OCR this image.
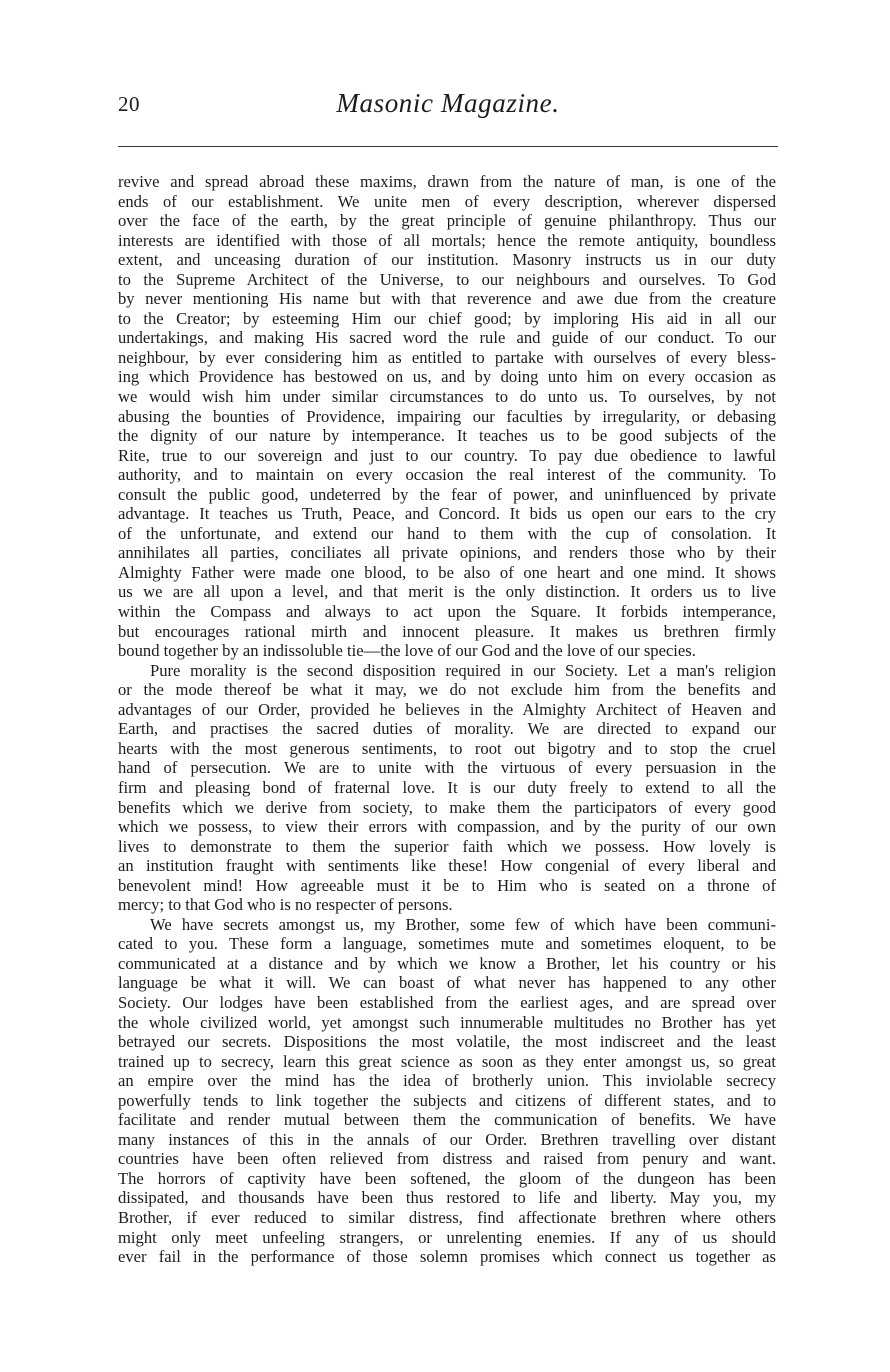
20	Masonic Magazine.
revive and spread abroad these maxims, drawn from the nature of man, is one of the
ends of our establishment. We unite men of every description, wherever dispersed
over the face of the earth, by the great principle of genuine philanthropy. Thus our
interests are identified with those of all mortals; hence the remote antiquity, boundless
extent, and unceasing duration of our institution. Masonry instructs us in our duty
to the Supreme Architect of the Universe, to our neighbours and ourselves. To God
by never mentioning His name but with that reverence and awe due from the creature
to the Creator; by esteeming Him our chief good; by imploring His aid in all our
undertakings, and making His sacred word the rule and guide of our conduct. To our
neighbour, by ever considering him as entitled to partake with ourselves of every bless-
ing which Providence has bestowed on us, and by doing unto him on every occasion as
we would wish him under similar circumstances to do unto us. To ourselves, by not
abusing the bounties of Providence, impairing our faculties by irregularity, or debasing
the dignity of our nature by intemperance. It teaches us to be good subjects of the
Rite, true to our sovereign and just to our country. To pay due obedience to lawful
authority, and to maintain on every occasion the real interest of the community. To
consult the public good, undeterred by the fear of power, and uninfluenced by private
advantage. It teaches us Truth, Peace, and Concord. It bids us open our ears to the cry
of the unfortunate, and extend our hand to them with the cup of consolation. It
annihilates all parties, conciliates all private opinions, and renders those who by their
Almighty Father were made one blood, to be also of one heart and one mind. It shows
us we are all upon a level, and that merit is the only distinction. It orders us to live
within the Compass and always to act upon the Square. It forbids intemperance,
but encourages rational mirth and innocent pleasure. It makes us brethren firmly
bound together by an indissoluble tie—the love of our God and the love of our species.
Pure morality is the second disposition required in our Society. Let a man's religion
or the mode thereof be what it may, we do not exclude him from the benefits and
advantages of our Order, provided he believes in the Almighty Architect of Heaven and
Earth, and practises the sacred duties of morality. We are directed to expand our
hearts with the most generous sentiments, to root out bigotry and to stop the cruel
hand of persecution. We are to unite with the virtuous of every persuasion in the
firm and pleasing bond of fraternal love. It is our duty freely to extend to all the
benefits which we derive from society, to make them the participators of every good
which we possess, to view their errors with compassion, and by the purity of our own
lives to demonstrate to them the superior faith which we possess. How lovely is
an institution fraught with sentiments like these! How congenial of every liberal and
benevolent mind! How agreeable must it be to Him who is seated on a throne of
mercy; to that God who is no respecter of persons.
We have secrets amongst us, my Brother, some few of which have been communi-
cated to you. These form a language, sometimes mute and sometimes eloquent, to be
communicated at a distance and by which we know a Brother, let his country or his
language be what it will. We can boast of what never has happened to any other
Society. Our lodges have been established from the earliest ages, and are spread over
the whole civilized world, yet amongst such innumerable multitudes no Brother has yet
betrayed our secrets. Dispositions the most volatile, the most indiscreet and the least
trained up to secrecy, learn this great science as soon as they enter amongst us, so great
an empire over the mind has the idea of brotherly union. This inviolable secrecy
powerfully tends to link together the subjects and citizens of different states, and to
facilitate and render mutual between them the communication of benefits. We have
many instances of this in the annals of our Order. Brethren travelling over distant
countries have been often relieved from distress and raised from penury and want.
The horrors of captivity have been softened, the gloom of the dungeon has been
dissipated, and thousands have been thus restored to life and liberty. May you, my
Brother, if ever reduced to similar distress, find affectionate brethren where others
might only meet unfeeling strangers, or unrelenting enemies. If any of us should
ever fail in the performance of those solemn promises which connect us together as
